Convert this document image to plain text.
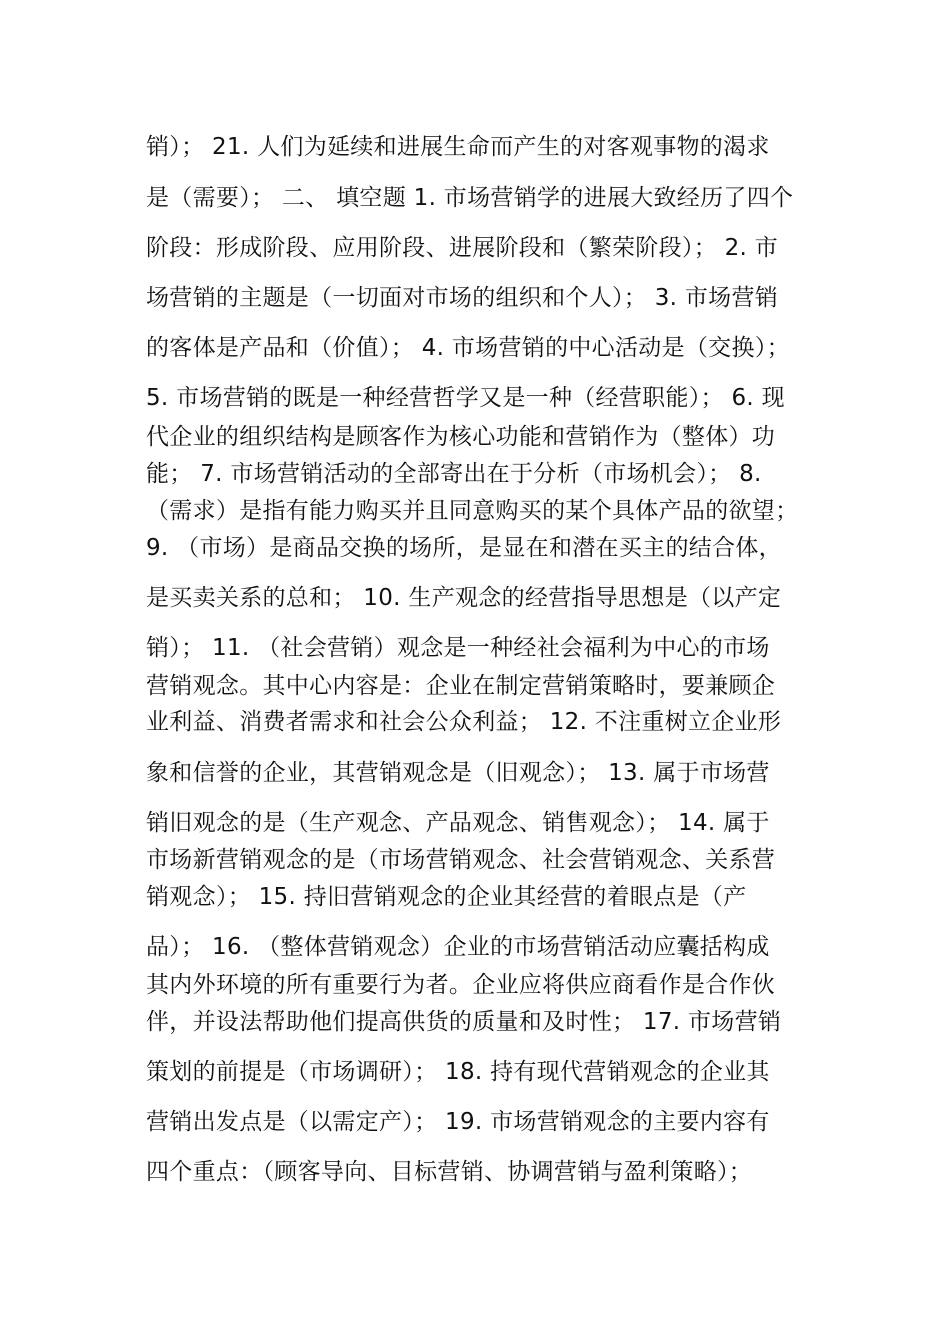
销）； 21. 人们为延续和进展生命而产生的对客观事物的渴求
是（需要）； 二、 填空题 1. 市场营销学的进展大致经历了四个
阶段：形成阶段、应用阶段、进展阶段和（繁荣阶段）； 2. 市
场营销的主题是（一切面对市场的组织和个人）； 3. 市场营销
的客体是产品和（价值）； 4. 市场营销的中心活动是（交换）；
5. 市场营销的既是一种经营哲学又是一种（经营职能）； 6. 现
代企业的组织结构是顾客作为核心功能和营销作为（整体）功
能； 7. 市场营销活动的全部寄出在于分析（市场机会）； 8.
（需求）是指有能力购买并且同意购买的某个具体产品的欲望；
9. （市场）是商品交换的场所，是显在和潜在买主的结合体，
是买卖关系的总和； 10. 生产观念的经营指导思想是（以产定
销）； 11. （社会营销）观念是一种经社会福利为中心的市场
营销观念。其中心内容是：企业在制定营销策略时，要兼顾企
业利益、消费者需求和社会公众利益； 12. 不注重树立企业形
象和信誉的企业，其营销观念是（旧观念）； 13. 属于市场营
销旧观念的是（生产观念、产品观念、销售观念）； 14. 属于
市场新营销观念的是（市场营销观念、社会营销观念、关系营
销观念）； 15. 持旧营销观念的企业其经营的着眼点是（产
品）； 16. （整体营销观念）企业的市场营销活动应囊括构成
其内外环境的所有重要行为者。企业应将供应商看作是合作伙
伴，并设法帮助他们提高供货的质量和及时性； 17. 市场营销
策划的前提是（市场调研）； 18. 持有现代营销观念的企业其
营销出发点是（以需定产）； 19. 市场营销观念的主要内容有
四个重点：（顾客导向、目标营销、协调营销与盈利策略）；
